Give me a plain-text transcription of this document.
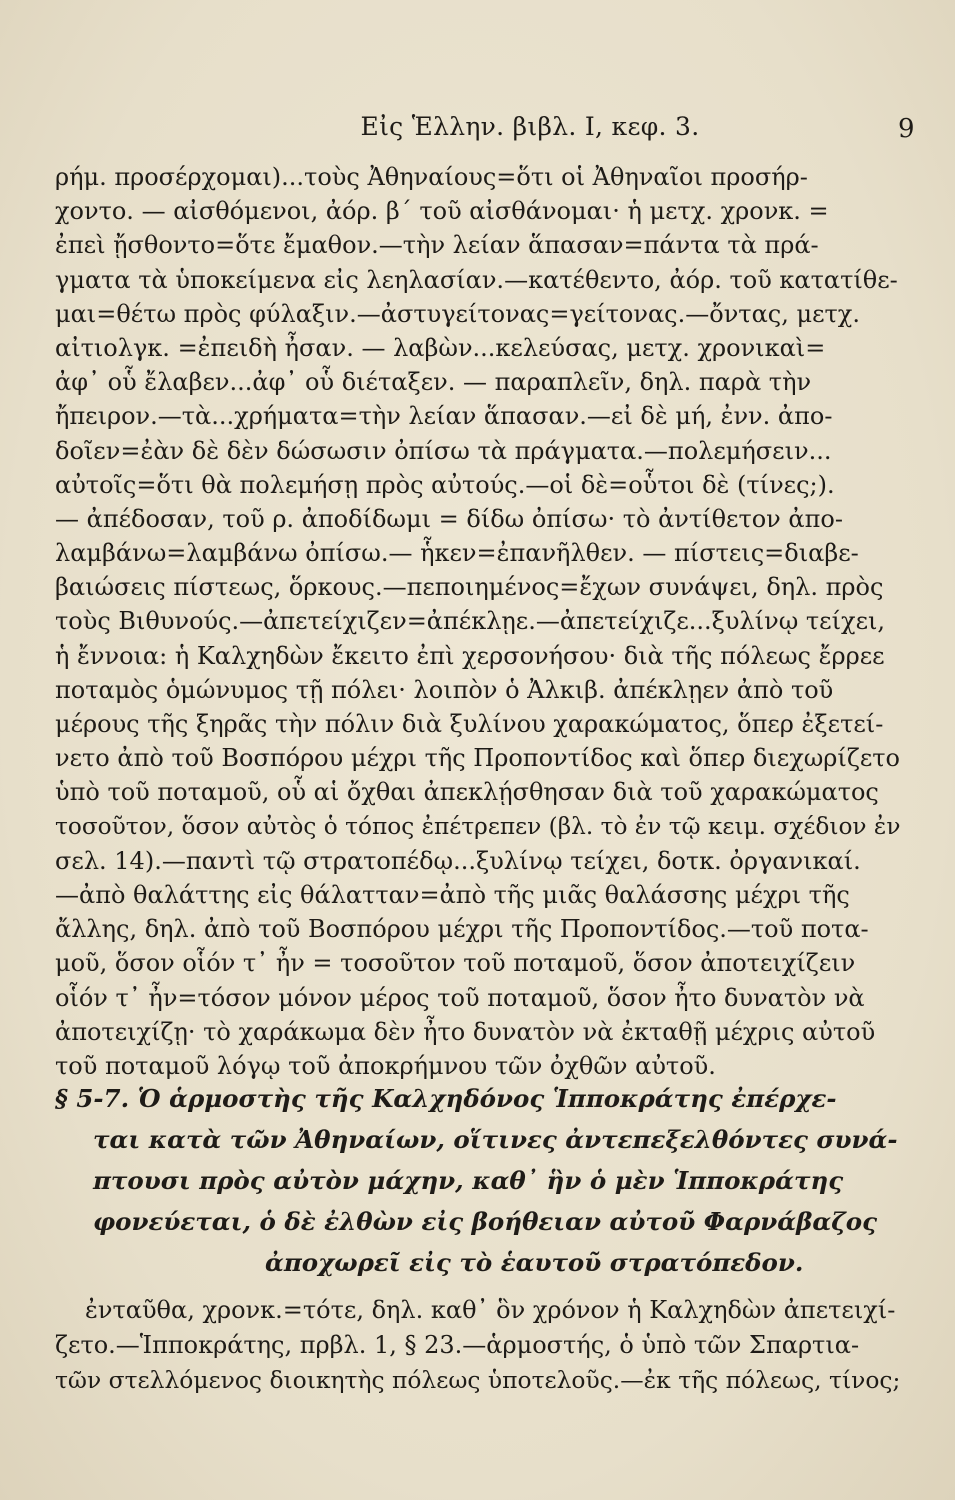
Εἰς Ἑλλην. βιβλ. Ι, κεφ. 3.	9
ρήμ. προσέρχομαι)...τοὺς Ἀθηναίους=ὅτι οἱ Ἀθηναῖοι προσήρ-
χοντο. — αἰσθόμενοι, ἀόρ. β´ τοῦ αἰσθάνομαι· ἡ μετχ. χρονκ. =
ἐπεὶ ᾔσθοντο=ὅτε ἔμαθον.—τὴν λείαν ἅπασαν=πάντα τὰ πρά-
γματα τὰ ὑποκείμενα εἰς λεηλασίαν.—κατέθεντο, ἀόρ. τοῦ κατατίθε-
μαι=θέτω πρὸς φύλαξιν.—ἀστυγείτονας=γείτονας.—ὄντας, μετχ.
αἰτιολγκ. =ἐπειδὴ ἦσαν. — λαβὼν...κελεύσας, μετχ. χρονικαὶ=
ἀφ᾽ οὗ ἔλαβεν...ἀφ᾽ οὗ διέταξεν. — παραπλεῖν, δηλ. παρὰ τὴν
ἤπειρον.—τὰ...χρήματα=τὴν λείαν ἅπασαν.—εἰ δὲ μή, ἐνν. ἀπο-
δοῖεν=ἐὰν δὲ δὲν δώσωσιν ὀπίσω τὰ πράγματα.—πολεμήσειν...
αὐτοῖς=ὅτι θὰ πολεμήσῃ πρὸς αὐτούς.—οἱ δὲ=οὗτοι δὲ (τίνες;).
— ἀπέδοσαν, τοῦ ρ. ἀποδίδωμι = δίδω ὀπίσω· τὸ ἀντίθετον ἀπο-
λαμβάνω=λαμβάνω ὀπίσω.— ἧκεν=ἐπανῆλθεν. — πίστεις=διαβε-
βαιώσεις πίστεως, ὅρκους.—πεποιημένος=ἔχων συνάψει, δηλ. πρὸς
τοὺς Βιθυνούς.—ἀπετείχιζεν=ἀπέκλῃε.—ἀπετείχιζε...ξυλίνῳ τείχει,
ἡ ἔννοια: ἡ Καλχηδὼν ἔκειτο ἐπὶ χερσονήσου· διὰ τῆς πόλεως ἔρρεε
ποταμὸς ὁμώνυμος τῇ πόλει· λοιπὸν ὁ Ἀλκιβ. ἀπέκλῃεν ἀπὸ τοῦ
μέρους τῆς ξηρᾶς τὴν πόλιν διὰ ξυλίνου χαρακώματος, ὅπερ ἐξετεί-
νετο ἀπὸ τοῦ Βοσπόρου μέχρι τῆς Προποντίδος καὶ ὅπερ διεχωρίζετο
ὑπὸ τοῦ ποταμοῦ, οὗ αἱ ὄχθαι ἀπεκλῄσθησαν διὰ τοῦ χαρακώματος
τοσοῦτον, ὅσον αὐτὸς ὁ τόπος ἐπέτρεπεν (βλ. τὸ ἐν τῷ κειμ. σχέδιον ἐν
σελ. 14).—παντὶ τῷ στρατοπέδῳ...ξυλίνῳ τείχει, δοτκ. ὀργανικαί.
—ἀπὸ θαλάττης εἰς θάλατταν=ἀπὸ τῆς μιᾶς θαλάσσης μέχρι τῆς
ἄλλης, δηλ. ἀπὸ τοῦ Βοσπόρου μέχρι τῆς Προποντίδος.—τοῦ ποτα-
μοῦ, ὅσον οἷόν τ᾽ ἦν = τοσοῦτον τοῦ ποταμοῦ, ὅσον ἀποτειχίζειν
οἷόν τ᾽ ἦν=τόσον μόνον μέρος τοῦ ποταμοῦ, ὅσον ἦτο δυνατὸν νὰ
ἀποτειχίζῃ· τὸ χαράκωμα δὲν ἦτο δυνατὸν νὰ ἐκταθῇ μέχρις αὐτοῦ
τοῦ ποταμοῦ λόγῳ τοῦ ἀποκρήμνου τῶν ὀχθῶν αὐτοῦ.
§ 5-7. Ὁ ἁρμοστὴς τῆς Καλχηδόνος Ἱπποκράτης ἐπέρχε-
ται κατὰ τῶν Ἀθηναίων, οἵτινες ἀντεπεξελθόντες συνά-
πτουσι πρὸς αὐτὸν μάχην, καθ᾽ ἣν ὁ μὲν Ἱπποκράτης
φονεύεται, ὁ δὲ ἐλθὼν εἰς βοήθειαν αὐτοῦ Φαρνάβαζος
ἀποχωρεῖ εἰς τὸ ἑαυτοῦ στρατόπεδον.
ἐνταῦθα, χρονκ.=τότε, δηλ. καθ᾽ ὃν χρόνον ἡ Καλχηδὼν ἀπετειχί-
ζετο.—Ἱπποκράτης, πρβλ. 1, § 23.—ἁρμοστής, ὁ ὑπὸ τῶν Σπαρτια-
τῶν στελλόμενος διοικητὴς πόλεως ὑποτελοῦς.—ἐκ τῆς πόλεως, τίνος;
